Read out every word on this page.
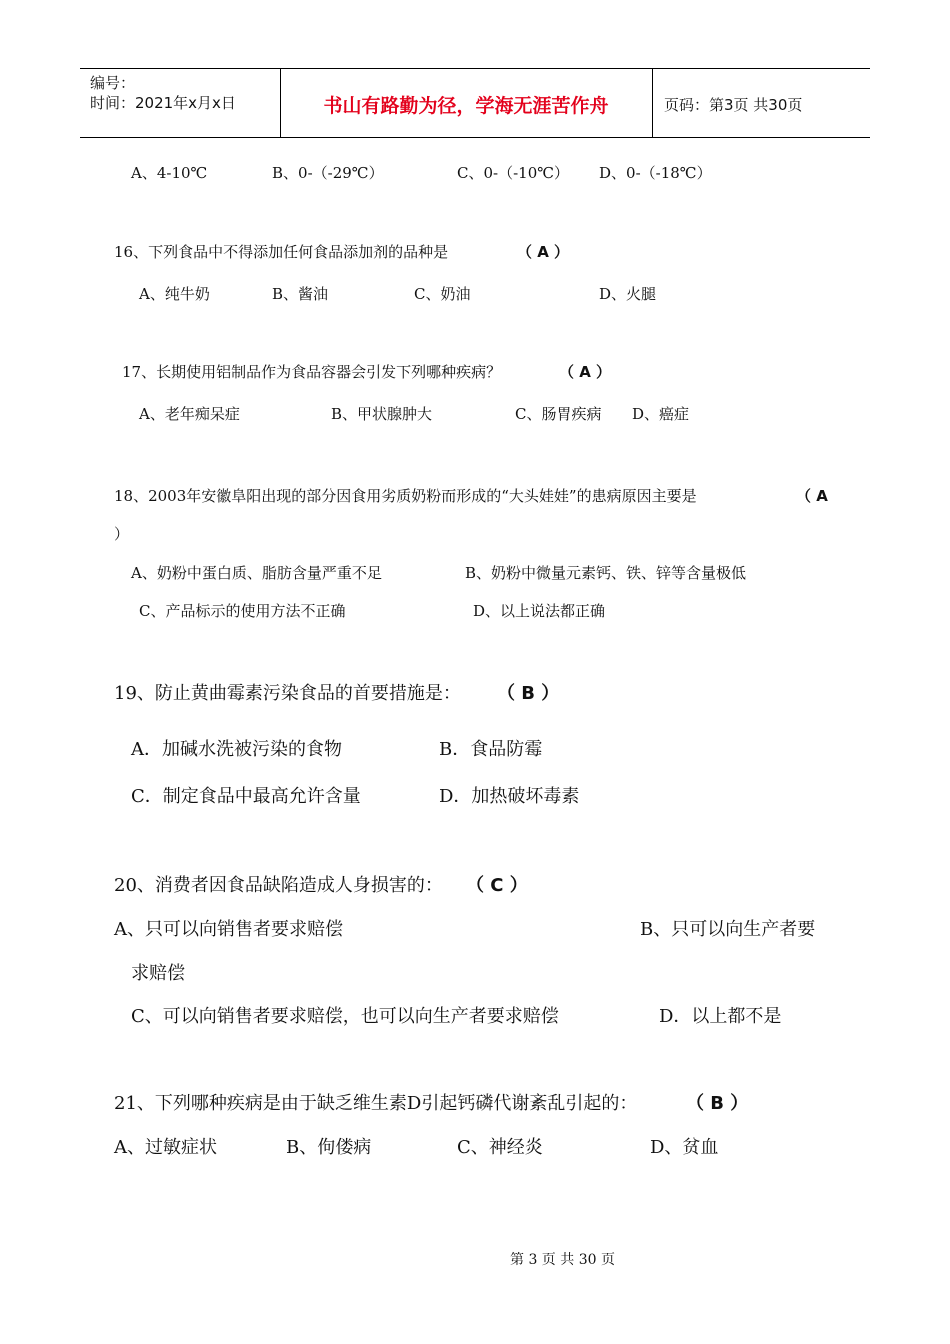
编号：
时间：2021年x月x日	书山有路勤为径，学海无涯苦作舟	页码：第3页 共30页
A、4-10℃	B、0-（-29℃）	C、0-（-10℃） D、0-（-18℃）
16、下列食品中不得添加任何食品添加剂的品种是	（ A ）
A、纯牛奶	B、酱油	C、奶油	D、火腿
17、长期使用铝制品作为食品容器会引发下列哪种疾病？	（ A ）
A、老年痴呆症	B、甲状腺肿大	C、肠胃疾病 D、癌症
18、2003年安徽阜阳出现的部分因食用劣质奶粉而形成的“大头娃娃”的患病原因主要是	（ A
）
A、奶粉中蛋白质、脂肪含量严重不足	B、奶粉中微量元素钙、铁、锌等含量极低
C、产品标示的使用方法不正确	D、以上说法都正确
19、防止黄曲霉素污染食品的首要措施是： （ B ）
A．加碱水洗被污染的食物	B．食品防霉
C．制定食品中最高允许含量	D．加热破坏毒素
20、消费者因食品缺陷造成人身损害的： （ C ）
A、只可以向销售者要求赔偿	B、只可以向生产者要
求赔偿
C、可以向销售者要求赔偿，也可以向生产者要求赔偿	D．以上都不是
21、下列哪种疾病是由于缺乏维生素D引起钙磷代谢紊乱引起的：	（ B ）
A、过敏症状	B、佝偻病	C、神经炎	D、贫血
第 3 页 共 30 页
